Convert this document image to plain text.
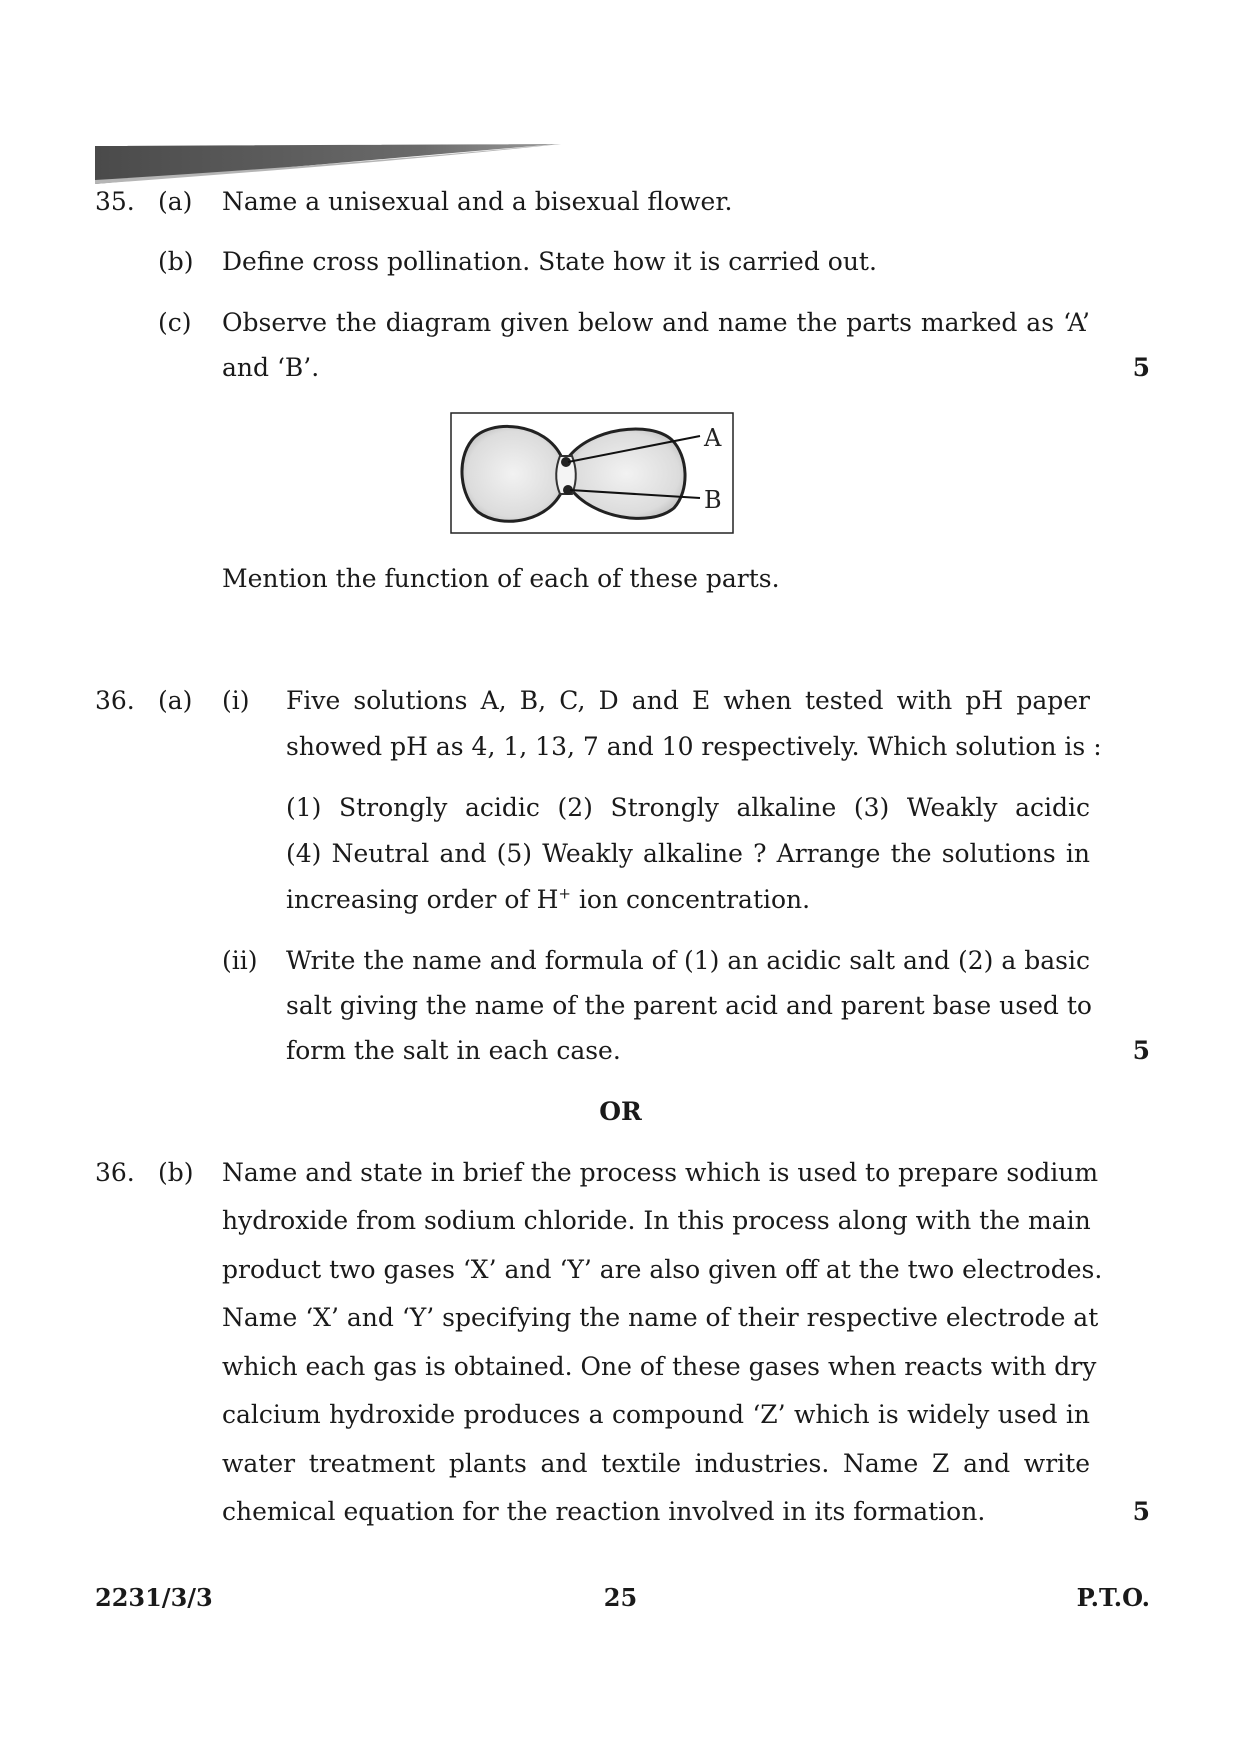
35. (a) Name a unisexual and a bisexual flower.
(b) Define cross pollination. State how it is carried out.
(c) Observe the diagram given below and name the parts marked as ‘A’
and ‘B’.	5
A
B
Mention the function of each of these parts.
36. (a) (i) Five solutions A, B, C, D and E when tested with pH paper
showed pH as 4, 1, 13, 7 and 10 respectively. Which solution is :
(1) Strongly acidic (2) Strongly alkaline (3) Weakly acidic
(4) Neutral and (5) Weakly alkaline ? Arrange the solutions in
increasing order of H+ ion concentration.
(ii) Write the name and formula of (1) an acidic salt and (2) a basic
salt giving the name of the parent acid and parent base used to
form the salt in each case.	5
OR
36. (b) Name and state in brief the process which is used to prepare sodium
hydroxide from sodium chloride. In this process along with the main
product two gases ‘X’ and ‘Y’ are also given off at the two electrodes.
Name ‘X’ and ‘Y’ specifying the name of their respective electrode at
which each gas is obtained. One of these gases when reacts with dry
calcium hydroxide produces a compound ‘Z’ which is widely used in
water treatment plants and textile industries. Name Z and write
chemical equation for the reaction involved in its formation.	5
2231/3/3	25	P.T.O.
